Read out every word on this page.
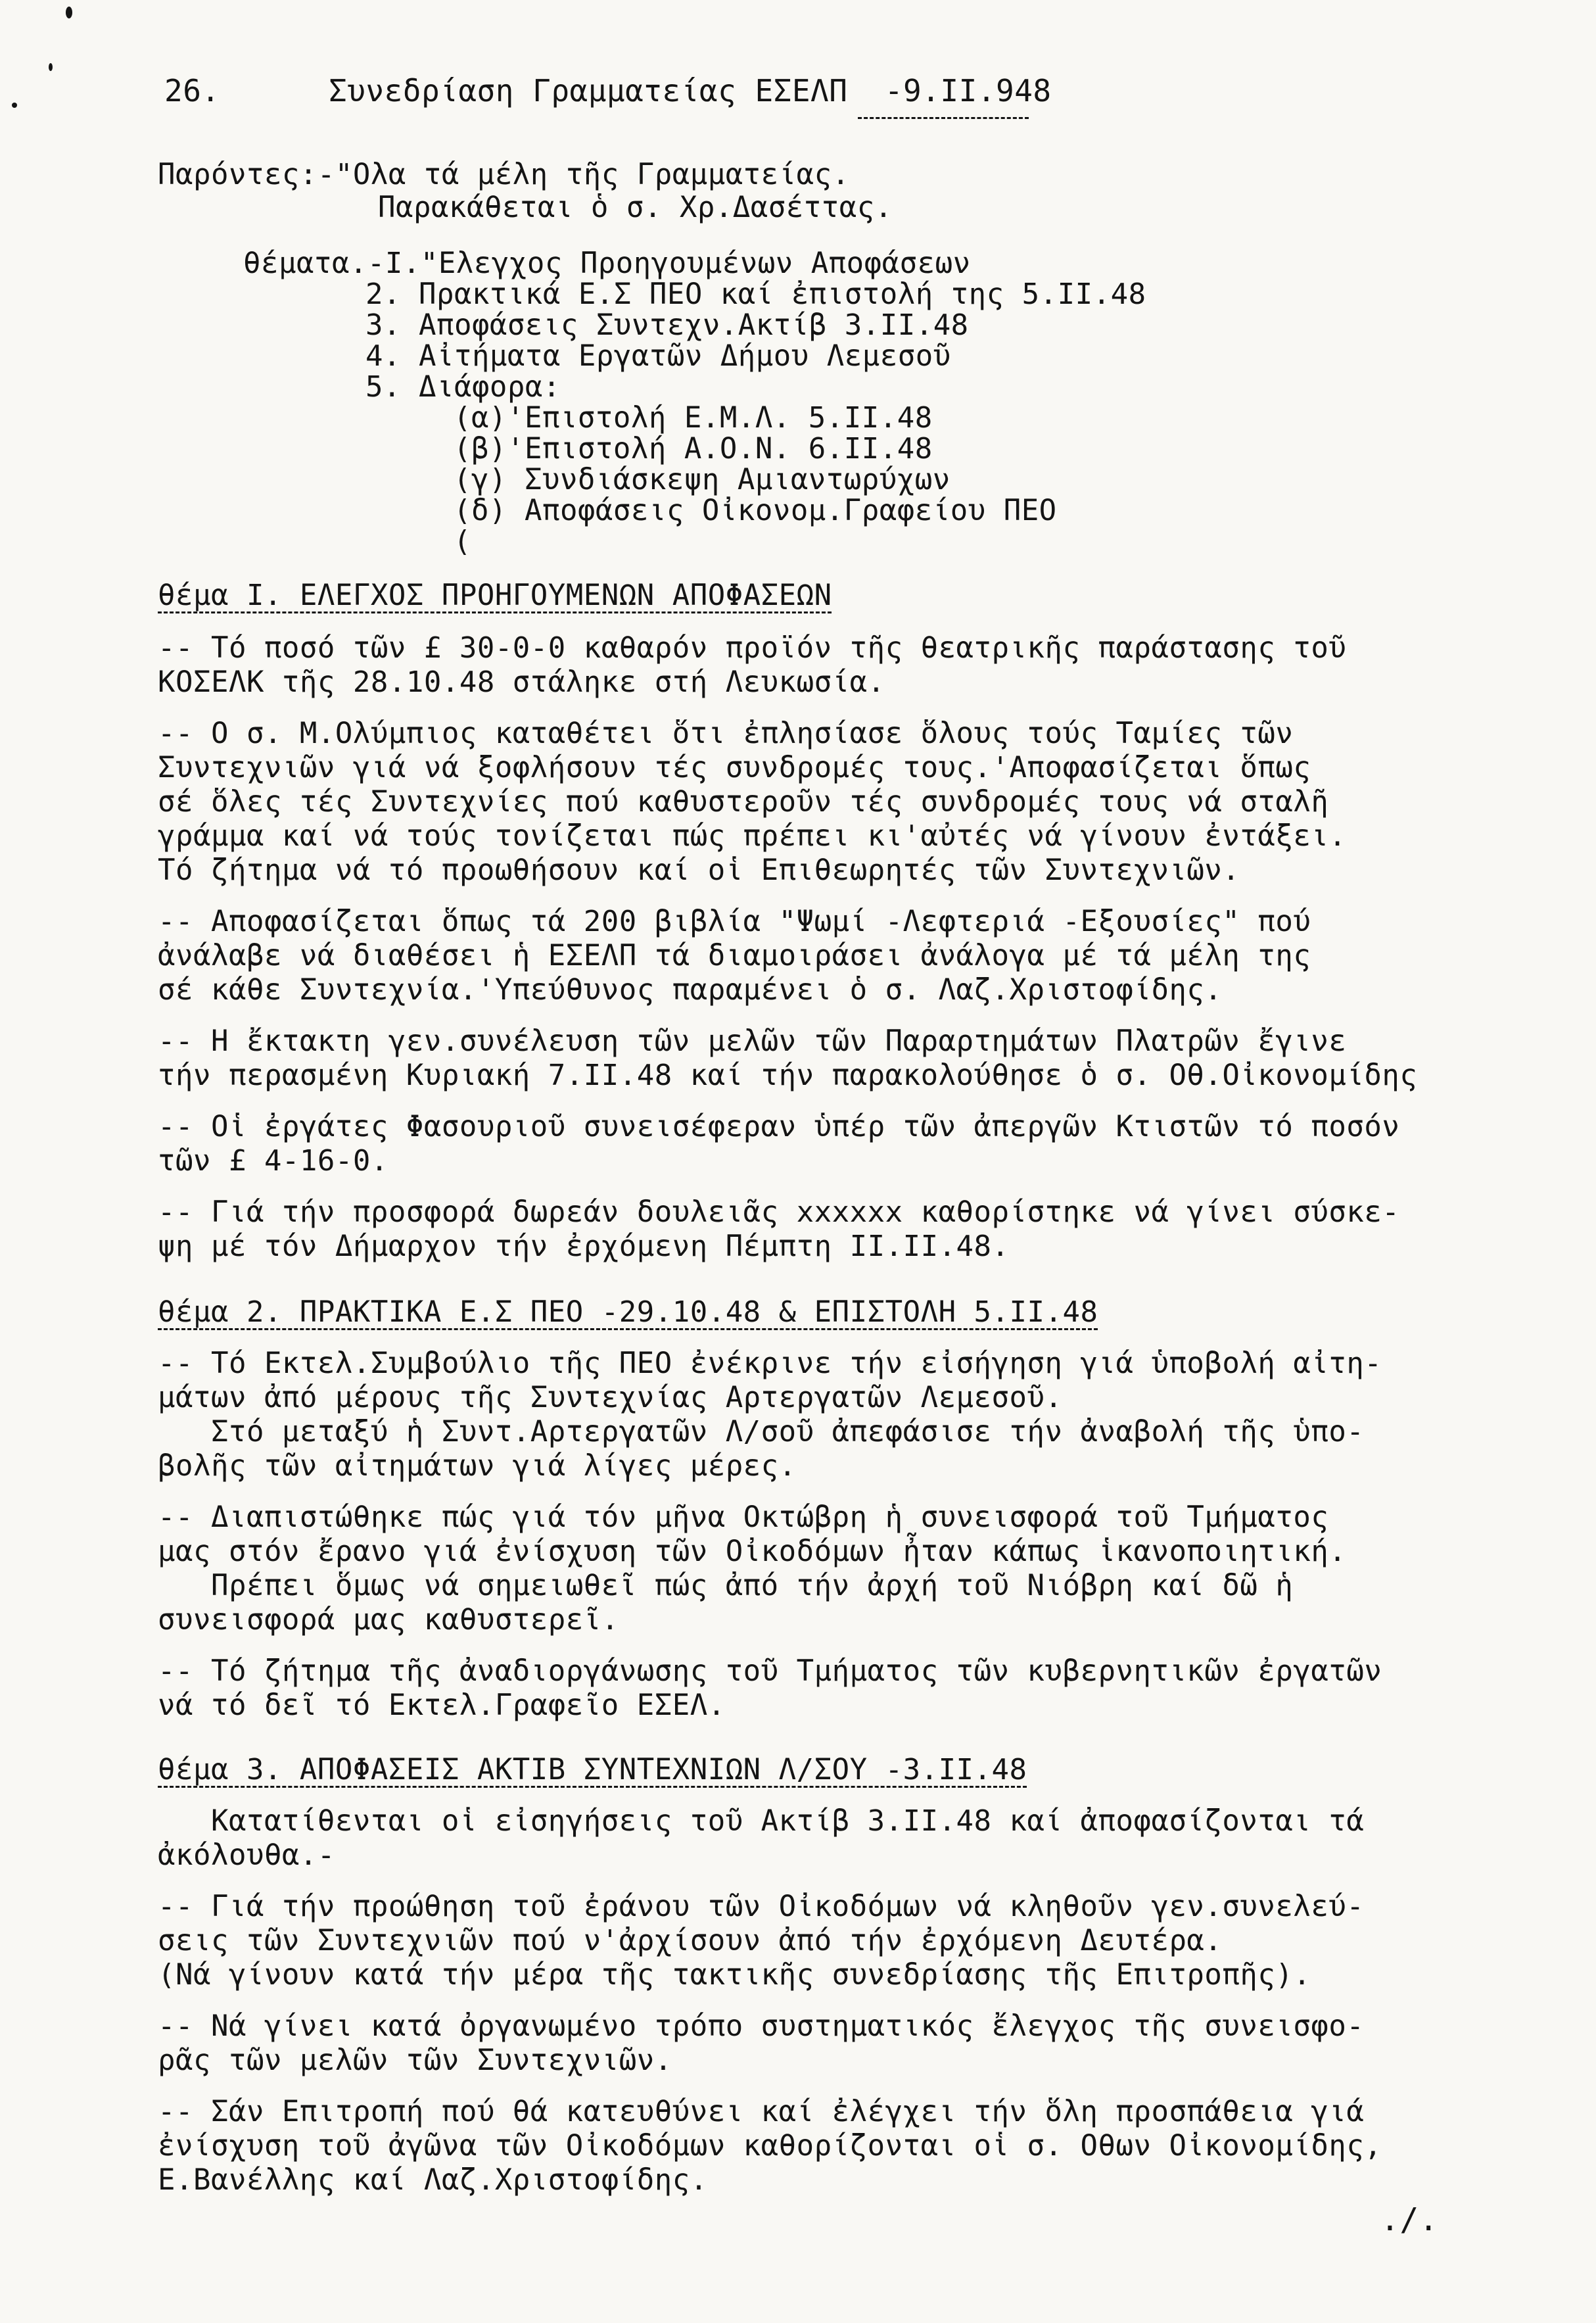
26.	Συνεδρίαση Γραμματείας ΕΣΕΛΠ  -9.II.948
Παρόντες:-"Ολα τά μέλη τῆς Γραμματείας.
Παρακάθεται ὁ σ. Χρ.Δασέττας.
θέματα.-I."Ελεγχος Προηγουμένων Αποφάσεων
2. Πρακτικά Ε.Σ ΠΕΟ καί ἐπιστολή της 5.II.48
3. Αποφάσεις Συντεχν.Ακτίβ 3.II.48
4. Αἰτήματα Εργατῶν Δήμου Λεμεσοῦ
5. Διάφορα:
(α)'Επιστολή Ε.Μ.Λ. 5.II.48
(β)'Επιστολή Α.Ο.Ν. 6.II.48
(γ) Συνδιάσκεψη Αμιαντωρύχων
(δ) Αποφάσεις Οἰκονομ.Γραφείου ΠΕΟ
(
θέμα I. ΕΛΕΓΧΟΣ ΠΡΟΗΓΟΥΜΕΝΩΝ ΑΠΟΦΑΣΕΩΝ
-- Τό ποσό τῶν £ 30-0-0 καθαρόν προϊόν τῆς θεατρικῆς παράστασης τοῦ
ΚΟΣΕΛΚ τῆς 28.10.48 στάληκε στή Λευκωσία.
-- Ο σ. Μ.Ολύμπιος καταθέτει ὅτι ἐπλησίασε ὅλους τούς Ταμίες τῶν
Συντεχνιῶν γιά νά ξοφλήσουν τές συνδρομές τους.'Αποφασίζεται ὅπως
σέ ὅλες τές Συντεχνίες πού καθυστεροῦν τές συνδρομές τους νά σταλῆ
γράμμα καί νά τούς τονίζεται πώς πρέπει κι'αὐτές νά γίνουν ἐντάξει.
Τό ζήτημα νά τό προωθήσουν καί οἱ Επιθεωρητές τῶν Συντεχνιῶν.
-- Αποφασίζεται ὅπως τά 200 βιβλία "Ψωμί -Λεφτεριά -Εξουσίες" πού
ἀνάλαβε νά διαθέσει ἡ ΕΣΕΛΠ τά διαμοιράσει ἀνάλογα μέ τά μέλη της
σέ κάθε Συντεχνία.'Υπεύθυνος παραμένει ὁ σ. Λαζ.Χριστοφίδης.
-- Η ἔκτακτη γεν.συνέλευση τῶν μελῶν τῶν Παραρτημάτων Πλατρῶν ἔγινε
τήν περασμένη Κυριακή 7.II.48 καί τήν παρακολούθησε ὁ σ. Οθ.Οἰκονομίδης
-- Οἱ ἐργάτες Φασουριοῦ συνεισέφεραν ὑπέρ τῶν ἀπεργῶν Κτιστῶν τό ποσόν
τῶν £ 4-16-0.
-- Γιά τήν προσφορά δωρεάν δουλειᾶς xxxxxx καθορίστηκε νά γίνει σύσκε-
ψη μέ τόν Δήμαρχον τήν ἐρχόμενη Πέμπτη II.II.48.
θέμα 2. ΠΡΑΚΤΙΚΑ Ε.Σ ΠΕΟ -29.10.48 & ΕΠΙΣΤΟΛΗ 5.II.48
-- Τό Εκτελ.Συμβούλιο τῆς ΠΕΟ ἐνέκρινε τήν εἰσήγηση γιά ὑποβολή αἰτη-
μάτων ἀπό μέρους τῆς Συντεχνίας Αρτεργατῶν Λεμεσοῦ.
Στό μεταξύ ἡ Συντ.Αρτεργατῶν Λ/σοῦ ἀπεφάσισε τήν ἀναβολή τῆς ὑπο-
βολῆς τῶν αἰτημάτων γιά λίγες μέρες.
-- Διαπιστώθηκε πώς γιά τόν μῆνα Οκτώβρη ἡ συνεισφορά τοῦ Τμήματος
μας στόν ἔρανο γιά ἐνίσχυση τῶν Οἰκοδόμων ἦταν κάπως ἱκανοποιητική.
Πρέπει ὅμως νά σημειωθεῖ πώς ἀπό τήν ἀρχή τοῦ Νιόβρη καί δῶ ἡ
συνεισφορά μας καθυστερεῖ.
-- Τό ζήτημα τῆς ἀναδιοργάνωσης τοῦ Τμήματος τῶν κυβερνητικῶν ἐργατῶν
νά τό δεῖ τό Εκτελ.Γραφεῖο ΕΣΕΛ.
θέμα 3. ΑΠΟΦΑΣΕΙΣ ΑΚΤΙΒ ΣΥΝΤΕΧΝΙΩΝ Λ/ΣΟΥ -3.II.48
Κατατίθενται οἱ εἰσηγήσεις τοῦ Ακτίβ 3.II.48 καί ἀποφασίζονται τά
ἀκόλουθα.-
-- Γιά τήν προώθηση τοῦ ἐράνου τῶν Οἰκοδόμων νά κληθοῦν γεν.συνελεύ-
σεις τῶν Συντεχνιῶν πού ν'ἀρχίσουν ἀπό τήν ἐρχόμενη Δευτέρα.
(Νά γίνουν κατά τήν μέρα τῆς τακτικῆς συνεδρίασης τῆς Επιτροπῆς).
-- Νά γίνει κατά ὀργανωμένο τρόπο συστηματικός ἔλεγχος τῆς συνεισφο-
ρᾶς τῶν μελῶν τῶν Συντεχνιῶν.
-- Σάν Επιτροπή πού θά κατευθύνει καί ἐλέγχει τήν ὅλη προσπάθεια γιά
ἐνίσχυση τοῦ ἀγῶνα τῶν Οἰκοδόμων καθορίζονται οἱ σ. Οθων Οἰκονομίδης,
Ε.Βανέλλης καί Λαζ.Χριστοφίδης.
./.
